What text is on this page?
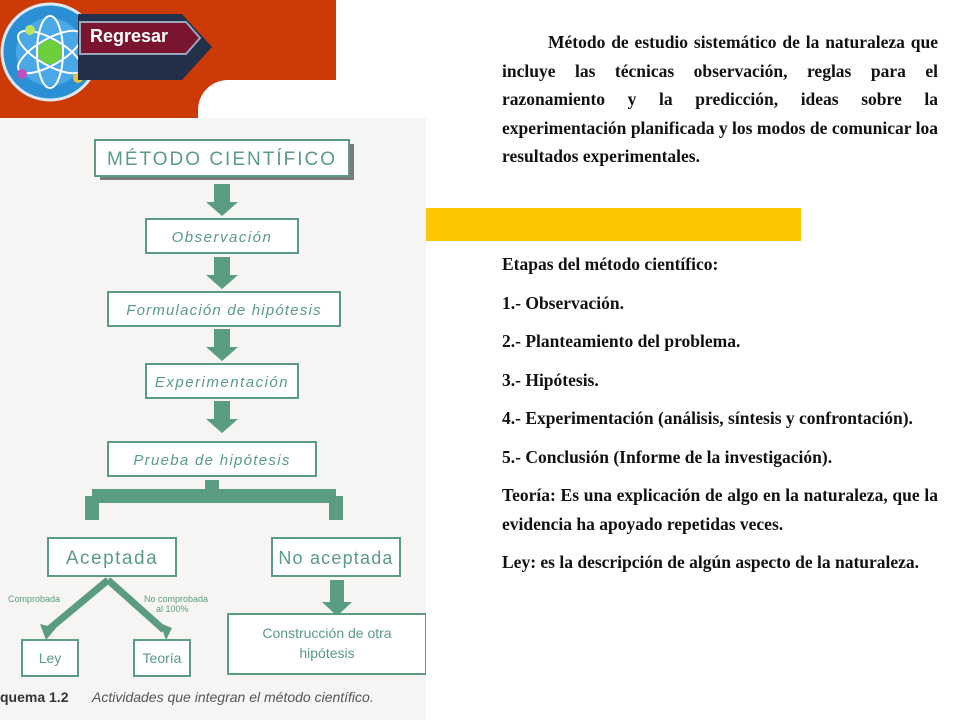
Regresar
MÉTODO CIENTÍFICO
Observación
Formulación de hipótesis
Experimentación
Prueba de hipótesis
Aceptada	No aceptada
Comprobada	No comprobada al 100%
Ley	Teoría
Construcción de otra
hipótesis
quema 1.2 Actividades que integran el método científico.
Método de estudio sistemático de la naturaleza que incluye las técnicas observación, reglas para el razonamiento y la predicción, ideas sobre la experimentación planificada y los modos de comunicar loa resultados experimentales.

Etapas del método científico:

1.- Observación.

2.- Planteamiento del problema.

3.- Hipótesis.

4.- Experimentación (análisis, síntesis y confrontación).

5.- Conclusión (Informe de la investigación).

Teoría: Es una explicación de algo en la naturaleza, que la evidencia ha apoyado repetidas veces.

Ley: es la descripción de algún aspecto de la naturaleza.
